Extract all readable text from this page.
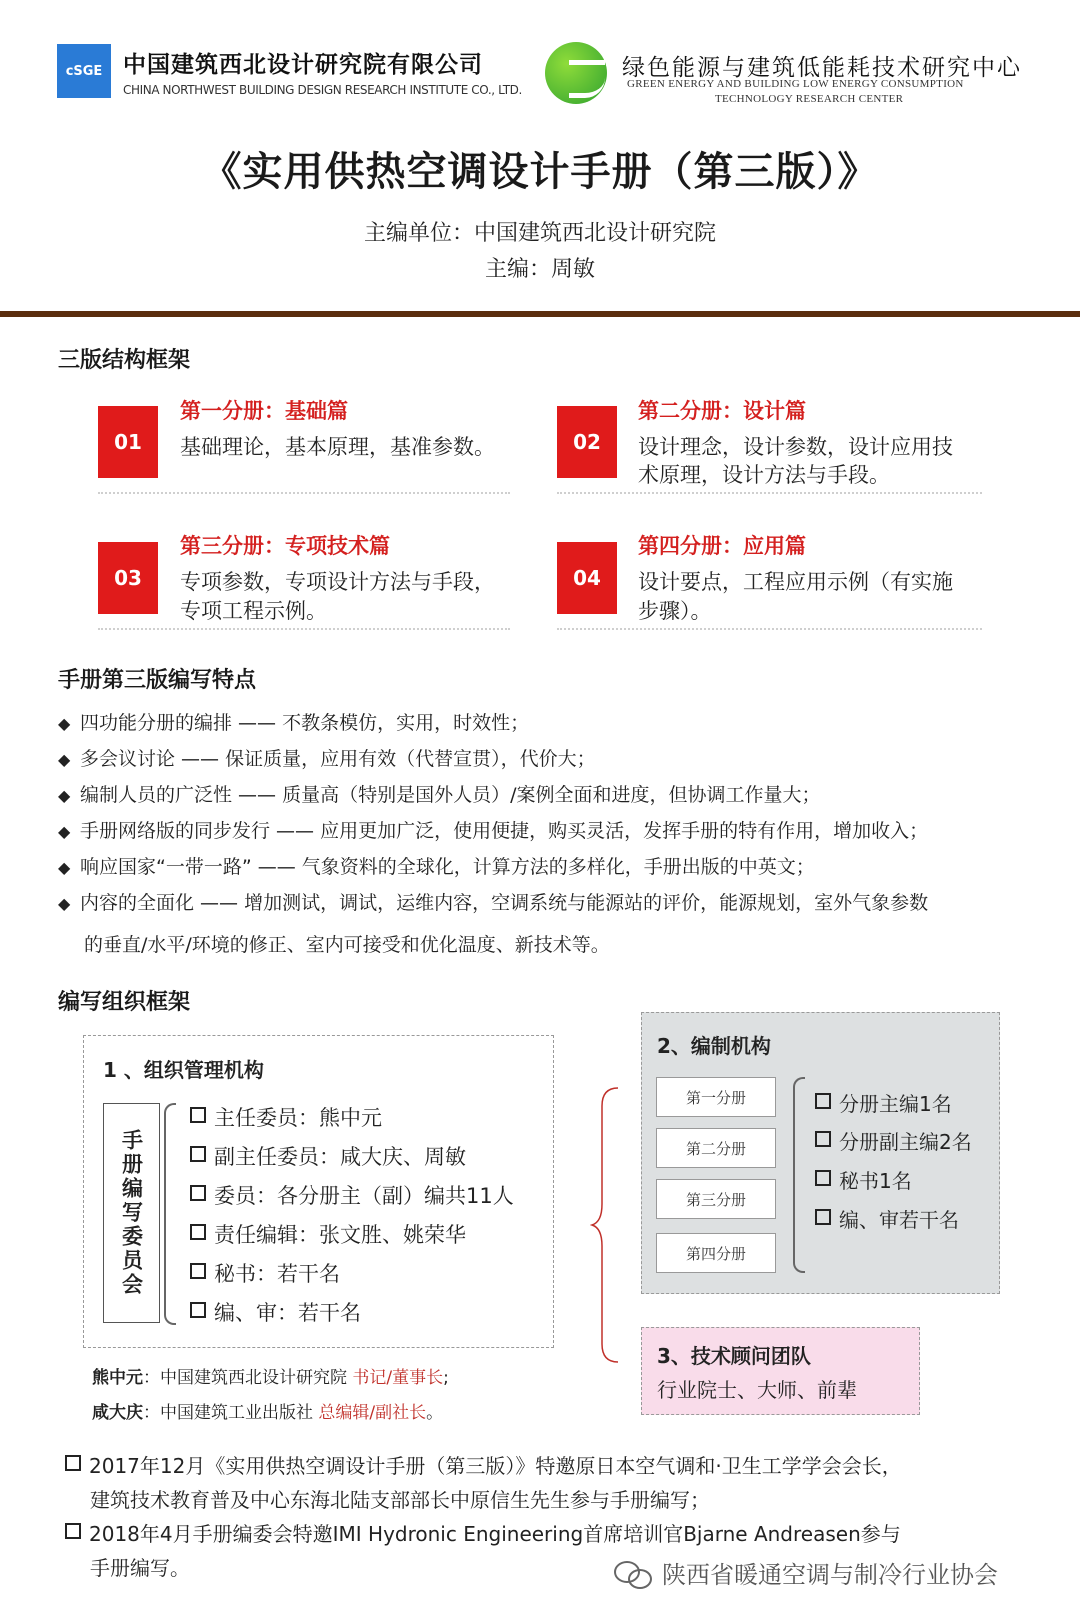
cSGE 中国建筑西北设计研究院有限公司
CHINA NORTHWEST BUILDING DESIGN RESEARCH INSTITUTE CO., LTD.
绿色能源与建筑低能耗技术研究中心
GREEN ENERGY AND BUILDING LOW ENERGY CONSUMPTION
TECHNOLOGY RESEARCH CENTER
《实用供热空调设计手册（第三版）》
主编单位：中国建筑西北设计研究院
主编：周敏
三版结构框架
01
第一分册：基础篇
基础理论，基本原理，基准参数。	02
第二分册：设计篇
设计理念，设计参数，设计应用技
术原理，设计方法与手段。
03
第三分册：专项技术篇
专项参数，专项设计方法与手段，
专项工程示例。
04
第四分册：应用篇
设计要点，工程应用示例（有实施
步骤）。
手册第三版编写特点
◆ 四功能分册的编排 —— 不教条模仿，实用，时效性；
◆ 多会议讨论 —— 保证质量，应用有效（代替宣贯），代价大；
◆ 编制人员的广泛性 —— 质量高（特别是国外人员）/案例全面和进度，但协调工作量大；
◆ 手册网络版的同步发行 —— 应用更加广泛，使用便捷，购买灵活，发挥手册的特有作用，增加收入；
◆ 响应国家“一带一路” —— 气象资料的全球化，计算方法的多样化，手册出版的中英文；
◆ 内容的全面化 —— 增加测试，调试，运维内容，空调系统与能源站的评价，能源规划，室外气象参数
的垂直/水平/环境的修正、室内可接受和优化温度、新技术等。
编写组织框架
1 、组织管理机构
手册编写委员会
主任委员：熊中元
副主任委员：咸大庆、周敏
委员：各分册主（副）编共11人
责任编辑：张文胜、姚荣华
秘书：若干名
编、审：若干名
熊中元：中国建筑西北设计研究院 书记/董事长;
咸大庆：中国建筑工业出版社 总编辑/副社长。
2、编制机构
第一分册
第二分册
第三分册
第四分册
分册主编1名
分册副主编2名
秘书1名
编、审若干名
3、技术顾问团队
行业院士、大师、前辈
2017年12月《实用供热空调设计手册（第三版）》特邀原日本空气调和·卫生工学学会会长，
建筑技术教育普及中心东海北陆支部部长中原信生先生参与手册编写；
2018年4月手册编委会特邀IMI Hydronic Engineering首席培训官Bjarne Andreasen参与
手册编写。	陕西省暖通空调与制冷行业协会
